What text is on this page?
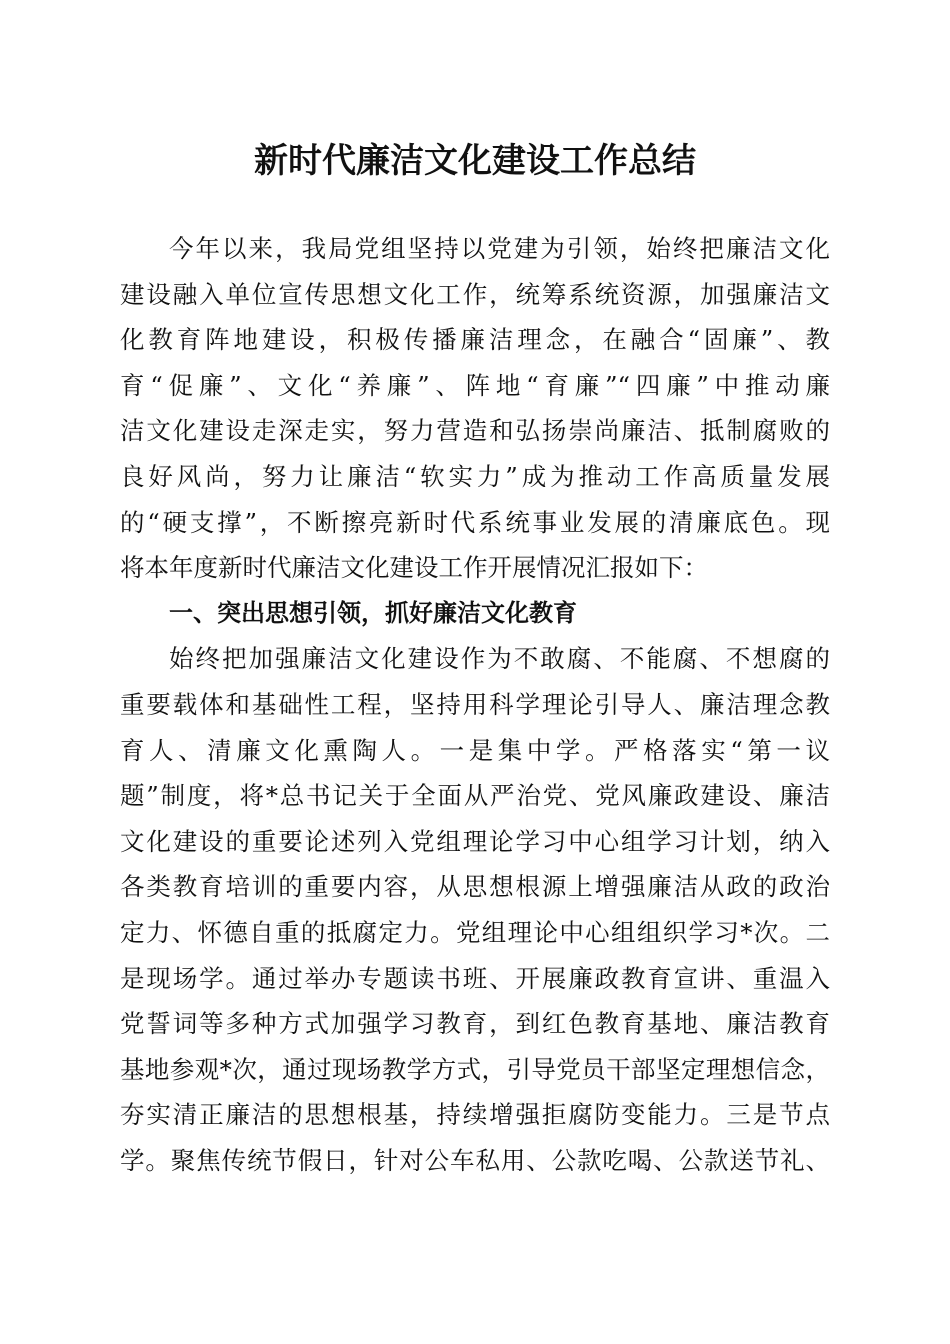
新时代廉洁文化建设工作总结
今年以来，我局党组坚持以党建为引领，始终把廉洁文化
建设融入单位宣传思想文化工作，统筹系统资源，加强廉洁文
化教育阵地建设，积极传播廉洁理念，在融合“固廉”、教
育“促廉”、文化“养廉”、阵地“育廉”“四廉”中推动廉
洁文化建设走深走实，努力营造和弘扬崇尚廉洁、抵制腐败的
良好风尚，努力让廉洁“软实力”成为推动工作高质量发展
的“硬支撑”，不断擦亮新时代系统事业发展的清廉底色。现
将本年度新时代廉洁文化建设工作开展情况汇报如下：
一、突出思想引领，抓好廉洁文化教育
始终把加强廉洁文化建设作为不敢腐、不能腐、不想腐的
重要载体和基础性工程，坚持用科学理论引导人、廉洁理念教
育人、清廉文化熏陶人。一是集中学。严格落实“第一议
题”制度，将*总书记关于全面从严治党、党风廉政建设、廉洁
文化建设的重要论述列入党组理论学习中心组学习计划，纳入
各类教育培训的重要内容，从思想根源上增强廉洁从政的政治
定力、怀德自重的抵腐定力。党组理论中心组组织学习*次。二
是现场学。通过举办专题读书班、开展廉政教育宣讲、重温入
党誓词等多种方式加强学习教育，到红色教育基地、廉洁教育
基地参观*次，通过现场教学方式，引导党员干部坚定理想信念，
夯实清正廉洁的思想根基，持续增强拒腐防变能力。三是节点
学。聚焦传统节假日，针对公车私用、公款吃喝、公款送节礼、
